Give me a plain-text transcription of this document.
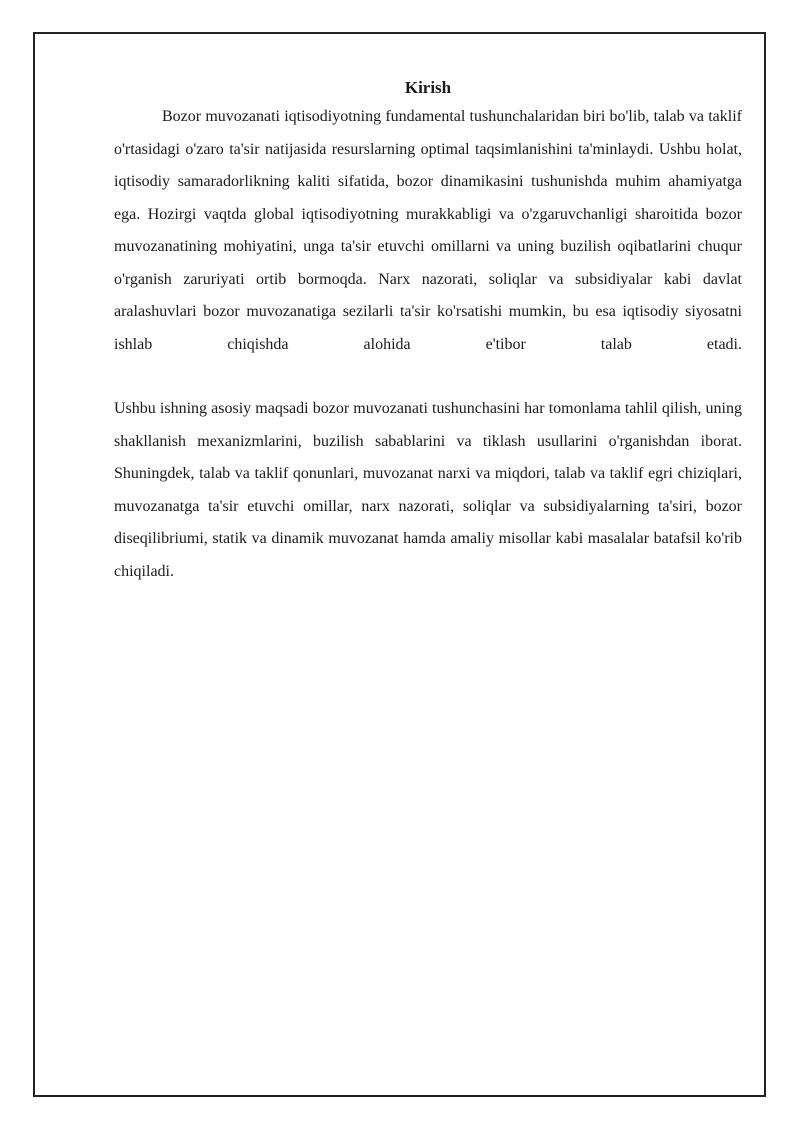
Kirish

Bozor muvozanati iqtisodiyotning fundamental tushunchalaridan biri bo'lib, talab va taklif o'rtasidagi o'zaro ta'sir natijasida resurslarning optimal taqsimlanishini ta'minlaydi. Ushbu holat, iqtisodiy samaradorlikning kaliti sifatida, bozor dinamikasini tushunishda muhim ahamiyatga ega. Hozirgi vaqtda global iqtisodiyotning murakkabligi va o'zgaruvchanligi sharoitida bozor muvozanatining mohiyatini, unga ta'sir etuvchi omillarni va uning buzilish oqibatlarini chuqur o'rganish zaruriyati ortib bormoqda. Narx nazorati, soliqlar va subsidiyalar kabi davlat aralashuvlari bozor muvozanatiga sezilarli ta'sir ko'rsatishi mumkin, bu esa iqtisodiy siyosatni ishlab chiqishda alohida e'tibor talab etadi.

Ushbu ishning asosiy maqsadi bozor muvozanati tushunchasini har tomonlama tahlil qilish, uning shakllanish mexanizmlarini, buzilish sabablarini va tiklash usullarini o'rganishdan iborat. Shuningdek, talab va taklif qonunlari, muvozanat narxi va miqdori, talab va taklif egri chiziqlari, muvozanatga ta'sir etuvchi omillar, narx nazorati, soliqlar va subsidiyalarning ta'siri, bozor diseqilibriumi, statik va dinamik muvozanat hamda amaliy misollar kabi masalalar batafsil ko'rib chiqiladi.
